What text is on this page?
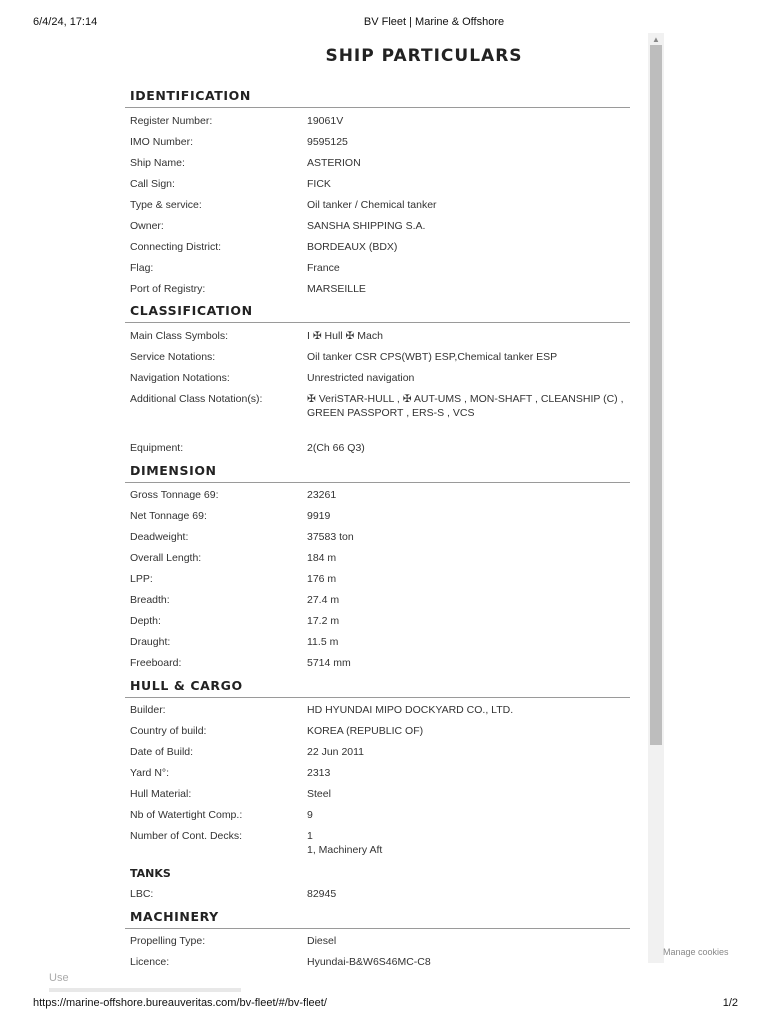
6/4/24, 17:14	BV Fleet | Marine & Offshore
▲
SHIP PARTICULARS
IDENTIFICATION
Register Number:	19061V
IMO Number:	9595125
Ship Name:	ASTERION
Call Sign:	FICK
Type & service:	Oil tanker / Chemical tanker
Owner:	SANSHA SHIPPING S.A.
Connecting District:	BORDEAUX (BDX)
Flag:	France
Port of Registry:	MARSEILLE
CLASSIFICATION
Main Class Symbols:	I ✠ Hull ✠ Mach
Service Notations:	Oil tanker CSR CPS(WBT) ESP,Chemical tanker ESP
Navigation Notations:	Unrestricted navigation
Additional Class Notation(s):	✠ VeriSTAR-HULL , ✠ AUT-UMS , MON-SHAFT , CLEANSHIP (C) ,
GREEN PASSPORT , ERS-S , VCS
Equipment:	2(Ch 66 Q3)
DIMENSION
Gross Tonnage 69:	23261
Net Tonnage 69:	9919
Deadweight:	37583 ton
Overall Length:	184 m
LPP:	176 m
Breadth:	27.4 m
Depth:	17.2 m
Draught:	11.5 m
Freeboard:	5714 mm
HULL & CARGO
Builder:	HD HYUNDAI MIPO DOCKYARD CO., LTD.
Country of build:	KOREA (REPUBLIC OF)
Date of Build:	22 Jun 2011
Yard N°:	2313
Hull Material:	Steel
Nb of Watertight Comp.:	9
Number of Cont. Decks:	1
1, Machinery Aft
TANKS
LBC:	82945
MACHINERY
Propelling Type:	Diesel
Licence:	Hyundai-B&W6S46MC-C8
Manage cookies
Use
https://marine-offshore.bureauveritas.com/bv-fleet/#/bv-fleet/	1/2
